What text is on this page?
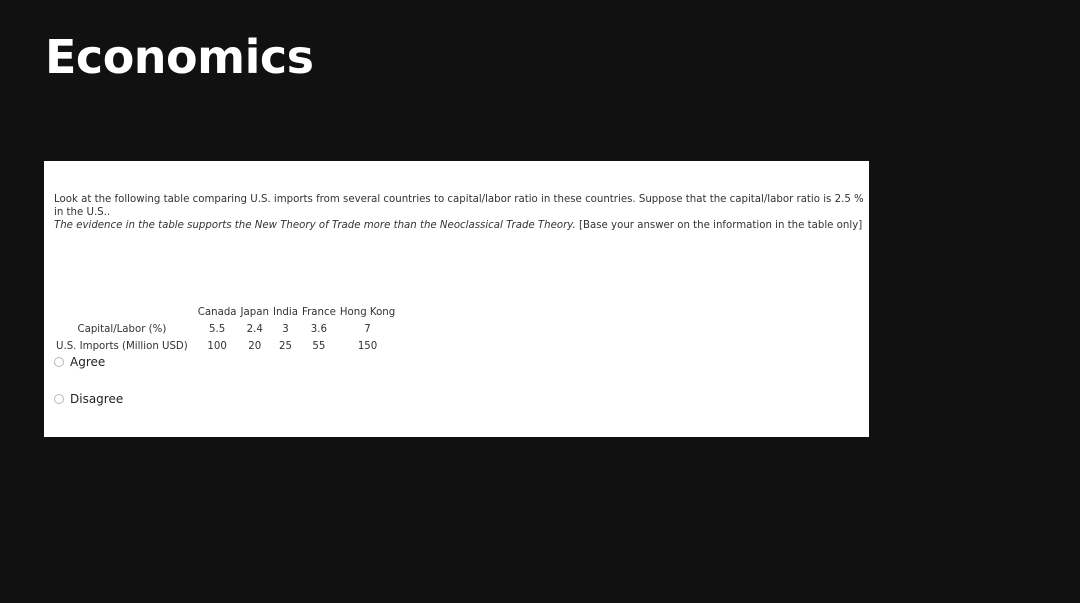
Economics
Look at the following table comparing U.S. imports from several countries to capital/labor ratio in these countries. Suppose that the capital/labor ratio is 2.5 % in the U.S..
The evidence in the table supports the New Theory of Trade more than the Neoclassical Trade Theory. [Base your answer on the information in the table only]
	Canada	Japan	India	France	Hong Kong
Capital/Labor (%)	5.5	2.4	3	3.6	7
U.S. Imports (Million USD)	100	20	25	55	150
Agree
Disagree
